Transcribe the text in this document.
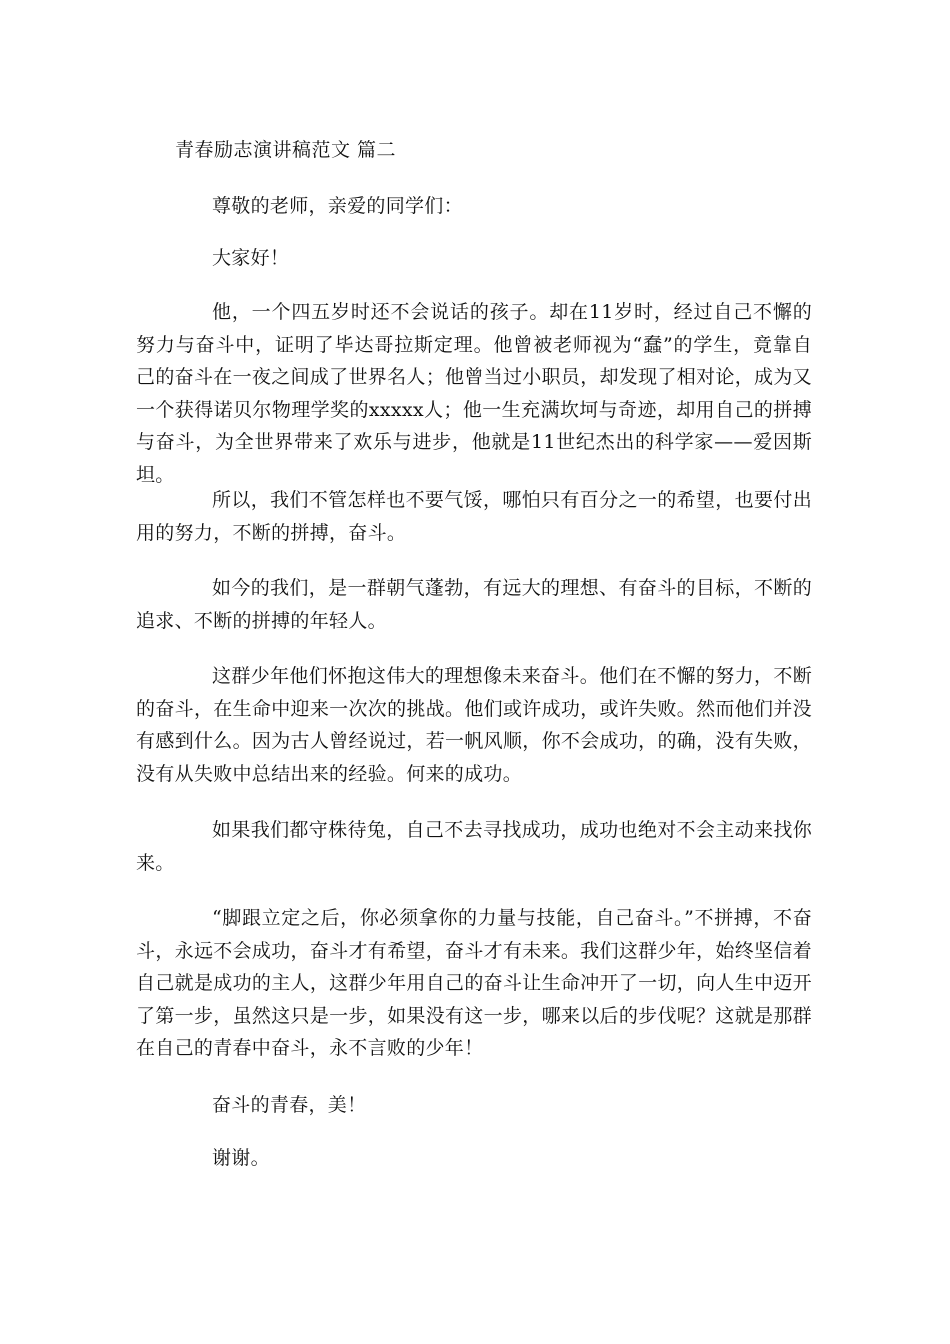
青春励志演讲稿范文 篇二
尊敬的老师，亲爱的同学们：
大家好！
他，一个四五岁时还不会说话的孩子。却在11岁时，经过自己不懈的努力与奋斗中，证明了毕达哥拉斯定理。他曾被老师视为“蠢”的学生，竟靠自己的奋斗在一夜之间成了世界名人；他曾当过小职员，却发现了相对论，成为又一个获得诺贝尔物理学奖的xxxxx人；他一生充满坎坷与奇迹，却用自己的拼搏与奋斗，为全世界带来了欢乐与进步，他就是11世纪杰出的科学家——爱因斯坦。
所以，我们不管怎样也不要气馁，哪怕只有百分之一的希望，也要付出用的努力，不断的拼搏，奋斗。
如今的我们，是一群朝气蓬勃，有远大的理想、有奋斗的目标，不断的追求、不断的拼搏的年轻人。
这群少年他们怀抱这伟大的理想像未来奋斗。他们在不懈的努力，不断的奋斗，在生命中迎来一次次的挑战。他们或许成功，或许失败。然而他们并没有感到什么。因为古人曾经说过，若一帆风顺，你不会成功，的确，没有失败，没有从失败中总结出来的经验。何来的成功。
如果我们都守株待兔，自己不去寻找成功，成功也绝对不会主动来找你来。
“脚跟立定之后，你必须拿你的力量与技能，自己奋斗。”不拼搏，不奋斗，永远不会成功，奋斗才有希望，奋斗才有未来。我们这群少年，始终坚信着自己就是成功的主人，这群少年用自己的奋斗让生命冲开了一切，向人生中迈开了第一步，虽然这只是一步，如果没有这一步，哪来以后的步伐呢？这就是那群在自己的青春中奋斗，永不言败的少年！
奋斗的青春，美！
谢谢。
